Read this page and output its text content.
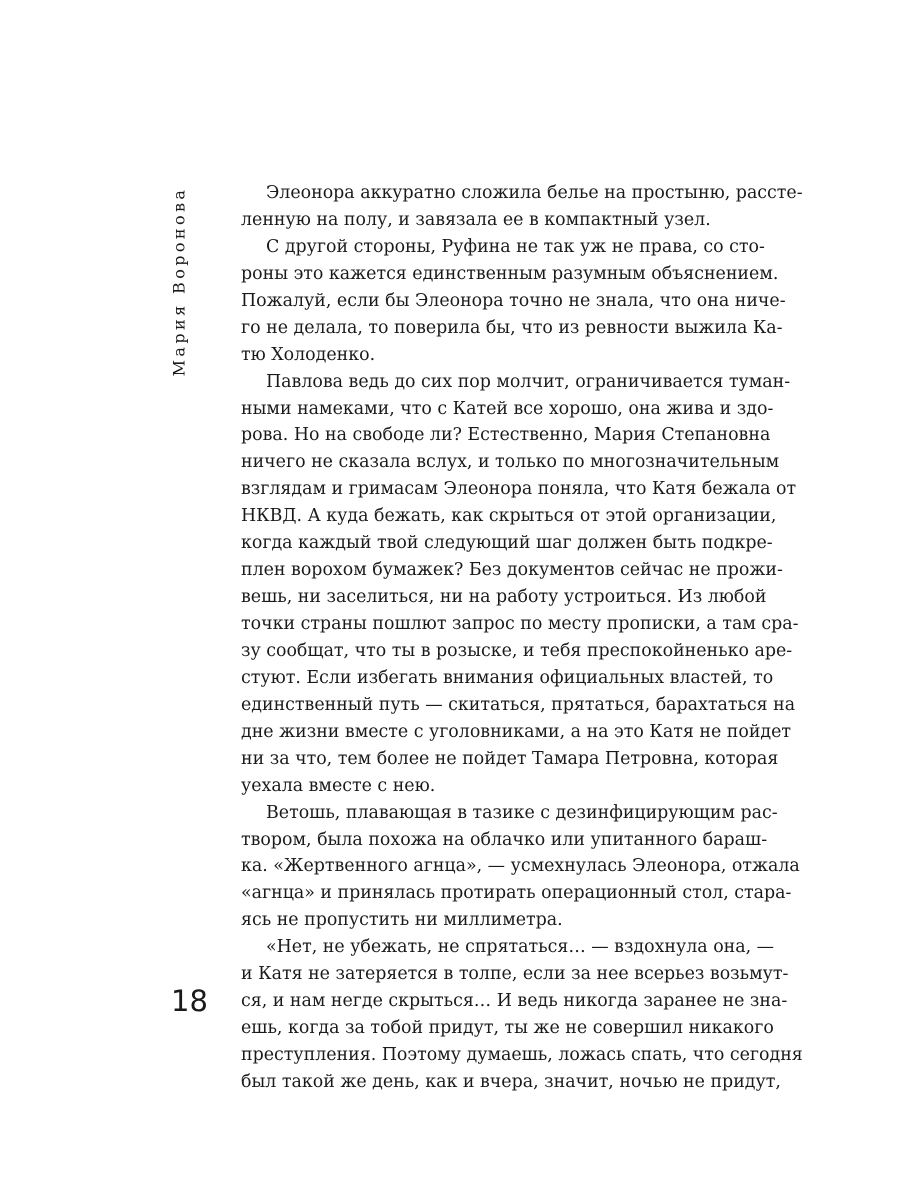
Мария Воронова	Элеонора аккуратно сложила белье на простыню, рассте-
ленную на полу, и завязала ее в компактный узел.
С другой стороны, Руфина не так уж не права, со сто-
роны это кажется единственным разумным объяснением.
Пожалуй, если бы Элеонора точно не знала, что она ниче-
го не делала, то поверила бы, что из ревности выжила Ка-
тю Холоденко.
Павлова ведь до сих пор молчит, ограничивается туман-
ными намеками, что с Катей все хорошо, она жива и здо-
рова. Но на свободе ли? Естественно, Мария Степановна
ничего не сказала вслух, и только по многозначительным
взглядам и гримасам Элеонора поняла, что Катя бежала от
НКВД. А куда бежать, как скрыться от этой организации,
когда каждый твой следующий шаг должен быть подкре-
плен ворохом бумажек? Без документов сейчас не прожи-
вешь, ни заселиться, ни на работу устроиться. Из любой
точки страны пошлют запрос по месту прописки, а там сра-
зу сообщат, что ты в розыске, и тебя преспокойненько аре-
стуют. Если избегать внимания официальных властей, то
единственный путь — скитаться, прятаться, барахтаться на
дне жизни вместе с уголовниками, а на это Катя не пойдет
ни за что, тем более не пойдет Тамара Петровна, которая
уехала вместе с нею.
Ветошь, плавающая в тазике с дезинфицирующим рас-
твором, была похожа на облачко или упитанного бараш-
ка. «Жертвенного агнца», — усмехнулась Элеонора, отжала
«агнца» и принялась протирать операционный стол, стара-
ясь не пропустить ни миллиметра.
«Нет, не убежать, не спрятаться… — вздохнула она, —
и Катя не затеряется в толпе, если за нее всерьез возьмут-
ся, и нам негде скрыться… И ведь никогда заранее не зна-
ешь, когда за тобой придут, ты же не совершил никакого
преступления. Поэтому думаешь, ложась спать, что сегодня
был такой же день, как и вчера, значит, ночью не придут,
18
